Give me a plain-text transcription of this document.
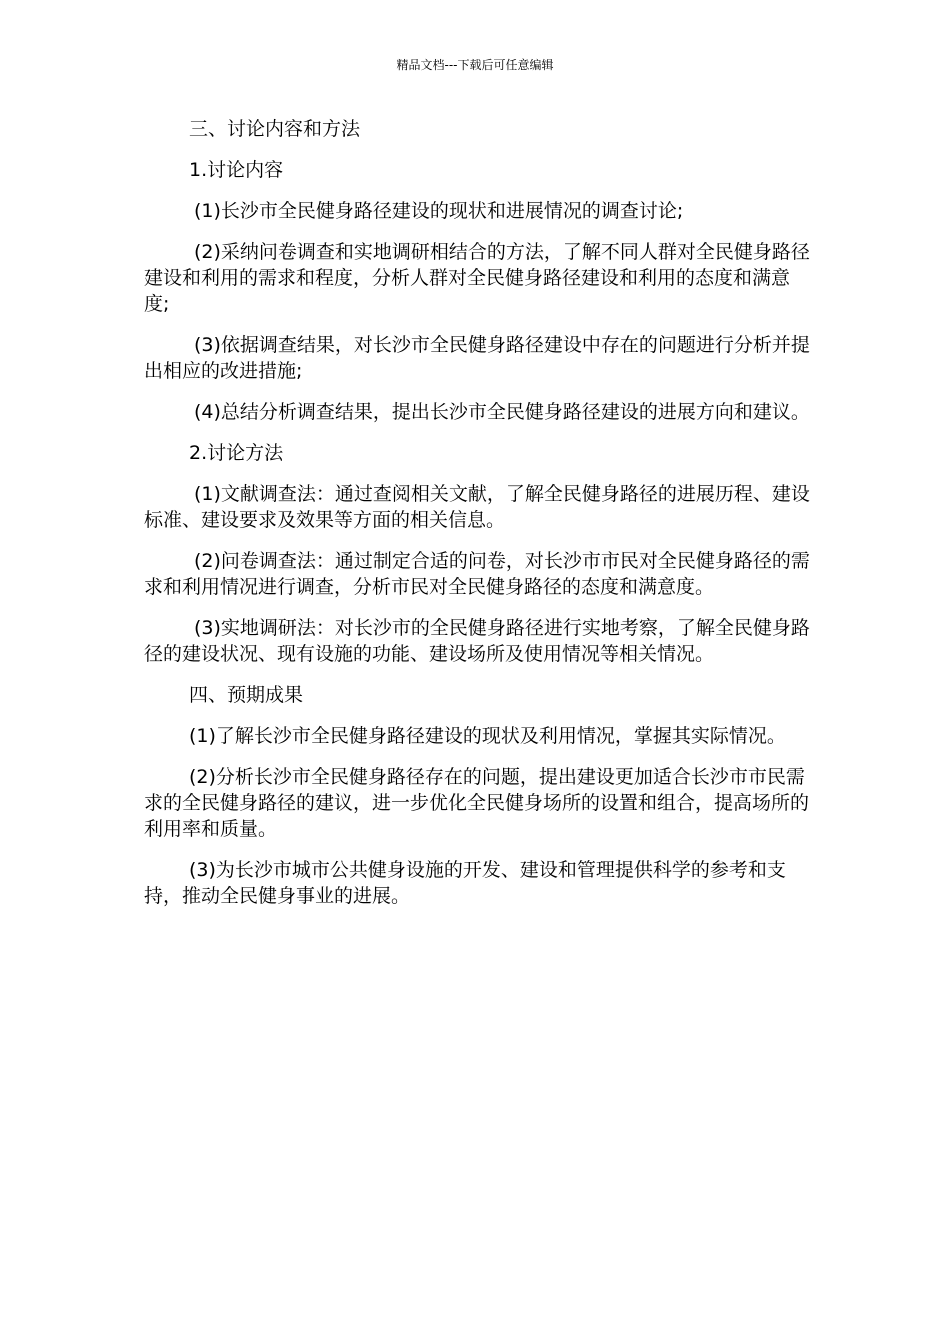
精品文档---下载后可任意编辑

三、讨论内容和方法

1.讨论内容

(1)长沙市全民健身路径建设的现状和进展情况的调查讨论;

(2)采纳问卷调查和实地调研相结合的方法，了解不同人群对全民健身路径建设和利用的需求和程度，分析人群对全民健身路径建设和利用的态度和满意度;

(3)依据调查结果，对长沙市全民健身路径建设中存在的问题进行分析并提出相应的改进措施;

(4)总结分析调查结果，提出长沙市全民健身路径建设的进展方向和建议。

2.讨论方法

(1)文献调查法：通过查阅相关文献，了解全民健身路径的进展历程、建设标准、建设要求及效果等方面的相关信息。

(2)问卷调查法：通过制定合适的问卷，对长沙市市民对全民健身路径的需求和利用情况进行调查，分析市民对全民健身路径的态度和满意度。

(3)实地调研法：对长沙市的全民健身路径进行实地考察，了解全民健身路径的建设状况、现有设施的功能、建设场所及使用情况等相关情况。

四、预期成果

(1)了解长沙市全民健身路径建设的现状及利用情况，掌握其实际情况。

(2)分析长沙市全民健身路径存在的问题，提出建设更加适合长沙市市民需求的全民健身路径的建议，进一步优化全民健身场所的设置和组合，提高场所的利用率和质量。

(3)为长沙市城市公共健身设施的开发、建设和管理提供科学的参考和支持，推动全民健身事业的进展。
